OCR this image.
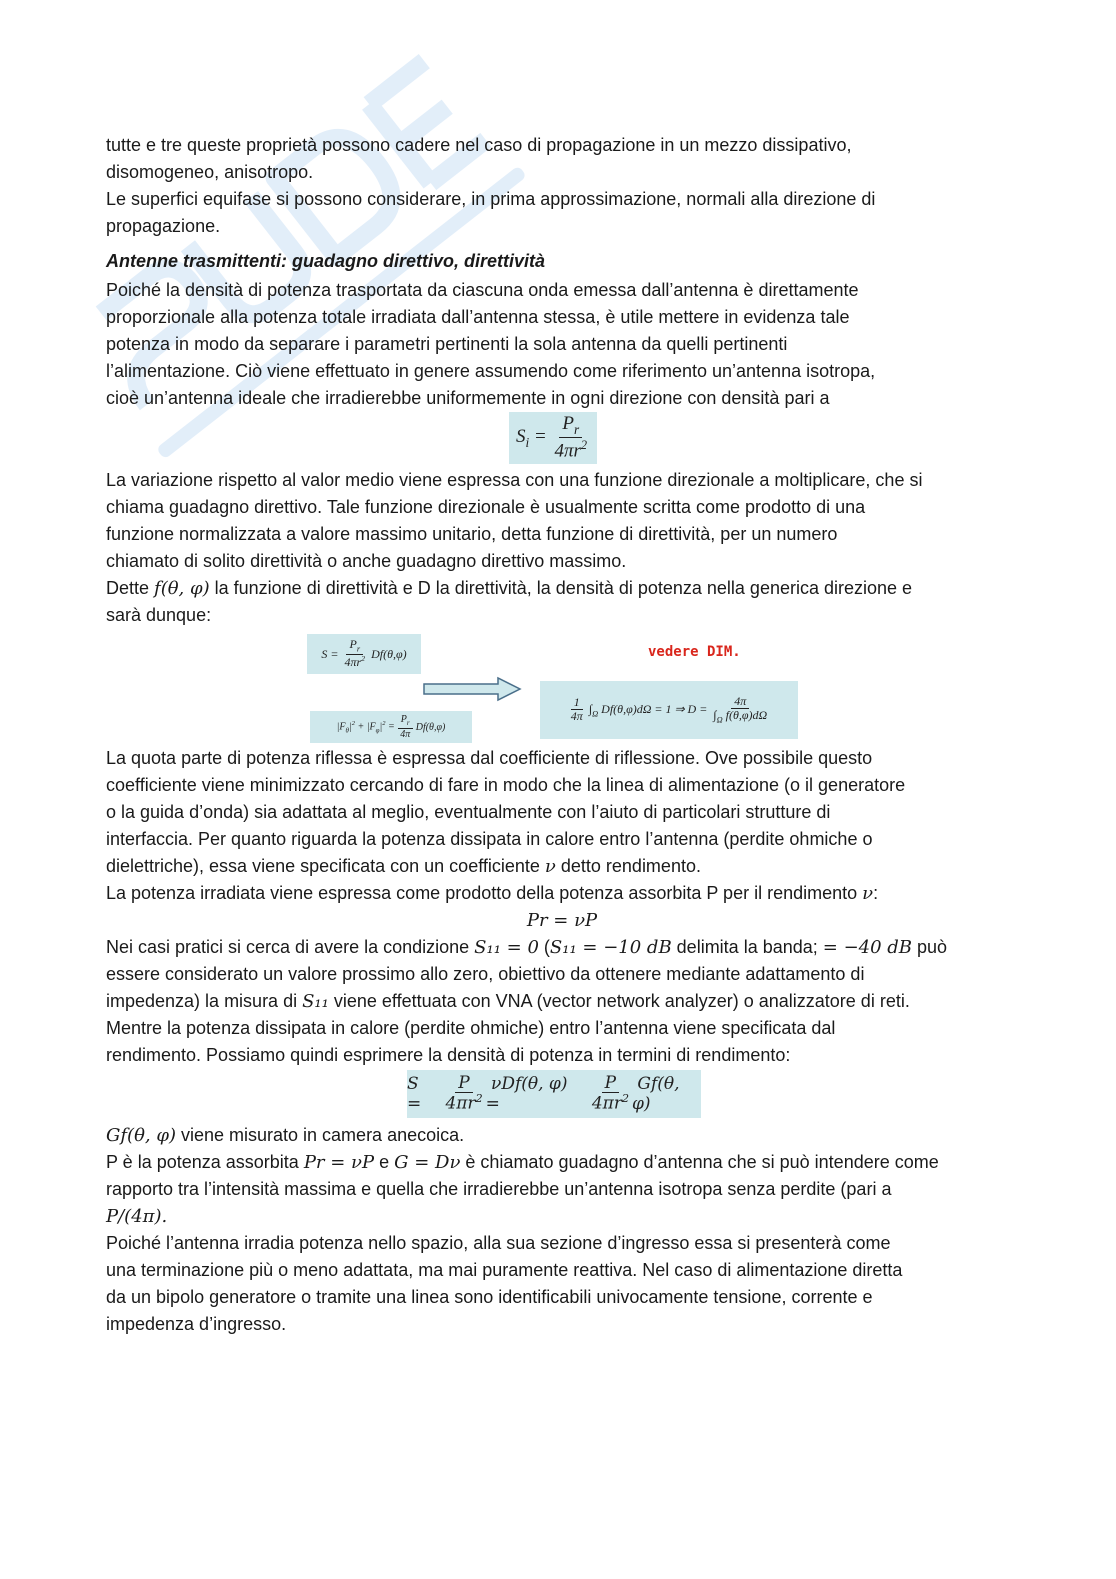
tutte e tre queste proprietà possono cadere nel caso di propagazione in un mezzo dissipativo,
disomogeneo, anisotropo.
Le superfici equifase si possono considerare, in prima approssimazione, normali alla direzione di
propagazione.
Antenne trasmittenti: guadagno direttivo, direttività
Poiché la densità di potenza trasportata da ciascuna onda emessa dall’antenna è direttamente
proporzionale alla potenza totale irradiata dall’antenna stessa, è utile mettere in evidenza tale
potenza in modo da separare i parametri pertinenti la sola antenna da quelli pertinenti
l’alimentazione. Ciò viene effettuato in genere assumendo come riferimento un’antenna isotropa,
cioè un’antenna ideale che irradierebbe uniformemente in ogni direzione con densità pari a
$S_i = \frac{P_r}{4\pi r^2}$
La variazione rispetto al valor medio viene espressa con una funzione direzionale a moltiplicare, che si
chiama guadagno direttivo. Tale funzione direzionale è usualmente scritta come prodotto di una
funzione normalizzata a valore massimo unitario, detta funzione di direttività, per un numero
chiamato di solito direttività o anche guadagno direttivo massimo.
Dette f(θ, φ) la funzione di direttività e D la direttività, la densità di potenza nella generica direzione e
sarà dunque:
$S = \frac{P_r}{4\pi r^2} Df(\theta,\varphi)$
$|F_\theta|^2 + |F_\varphi|^2 = \frac{P_r}{4\pi} Df(\theta,\varphi)$
vedere DIM.
$\frac{1}{4\pi} \int_\Omega$ Df(θ,φ)dΩ = 1 ⇒ $D = \frac{4\pi}{\int_\Omega f(\theta,\varphi)d\Omega}$
La quota parte di potenza riflessa è espressa dal coefficiente di riflessione. Ove possibile questo
coefficiente viene minimizzato cercando di fare in modo che la linea di alimentazione (o il generatore
o la guida d’onda) sia adattata al meglio, eventualmente con l’aiuto di particolari strutture di
interfaccia. Per quanto riguarda la potenza dissipata in calore entro l’antenna (perdite ohmiche o
dielettriche), essa viene specificata con un coefficiente ν detto rendimento.
La potenza irradiata viene espressa come prodotto della potenza assorbita P per il rendimento ν:
Pr = νP
Nei casi pratici si cerca di avere la condizione S₁₁ = 0 (S₁₁ = −10 dB delimita la banda; = −40 dB può
essere considerato un valore prossimo allo zero, obiettivo da ottenere mediante adattamento di
impedenza) la misura di S₁₁ viene effettuata con VNA (vector network analyzer) o analizzatore di reti.
Mentre la potenza dissipata in calore (perdite ohmiche) entro l’antenna viene specificata dal
rendimento. Possiamo quindi esprimere la densità di potenza in termini di rendimento:
$S = \frac{P}{4\pi r^2} \nu Df(\theta$, φ) =	$\frac{P}{4\pi r^2} Gf(\theta$, φ)
Gf(θ, φ) viene misurato in camera anecoica.
P è la potenza assorbita Pr = νP e G = Dν è chiamato guadagno d’antenna che si può intendere come
rapporto tra l’intensità massima e quella che irradierebbe un’antenna isotropa senza perdite (pari a
P/(4π).
Poiché l’antenna irradia potenza nello spazio, alla sua sezione d’ingresso essa si presenterà come
una terminazione più o meno adattata, ma mai puramente reattiva. Nel caso di alimentazione diretta
da un bipolo generatore o tramite una linea sono identificabili univocamente tensione, corrente e
impedenza d’ingresso.
